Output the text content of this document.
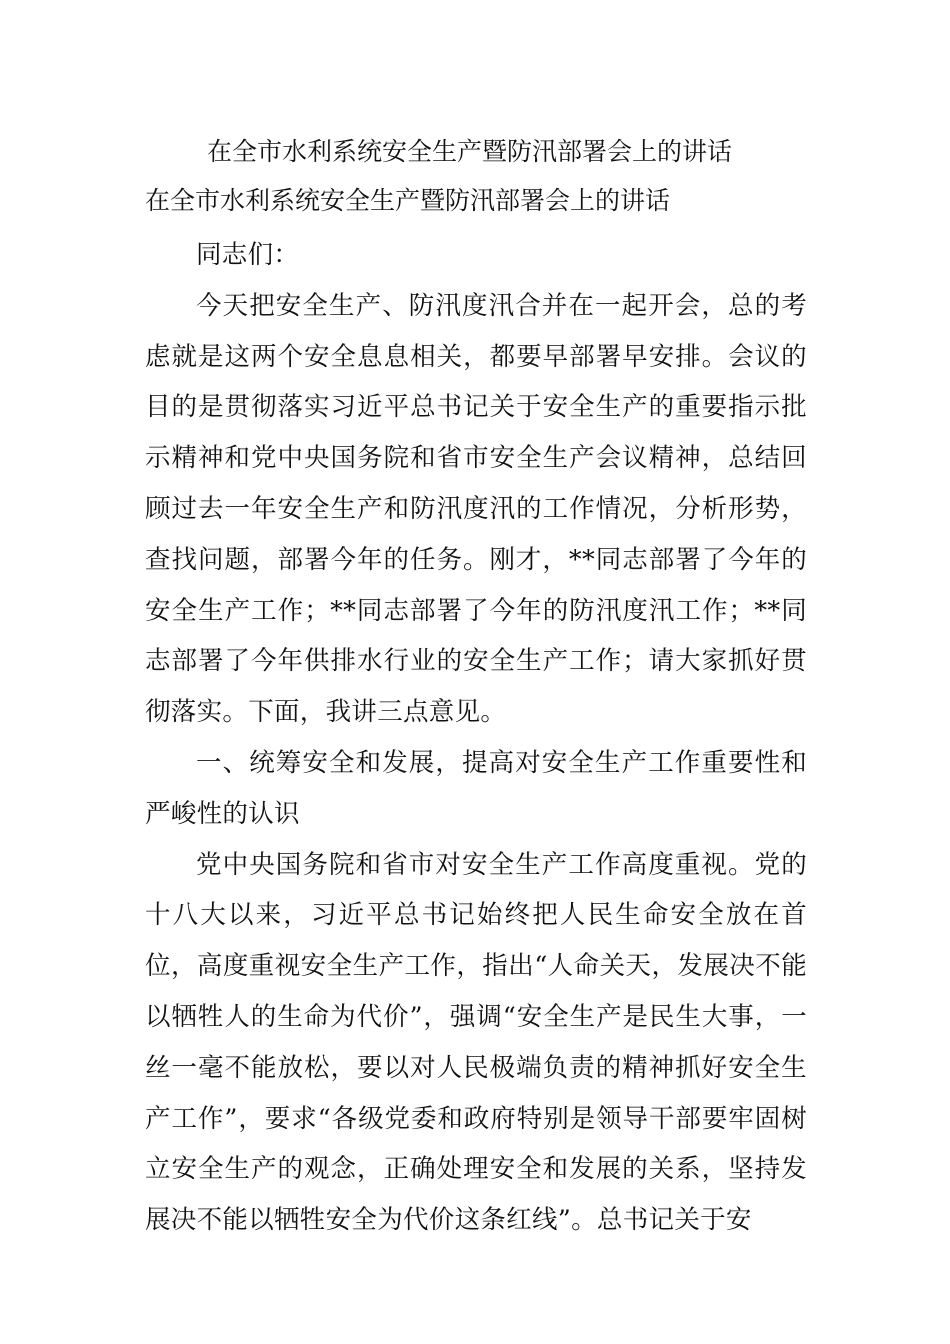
在全市水利系统安全生产暨防汛部署会上的讲话

在全市水利系统安全生产暨防汛部署会上的讲话

同志们：

今天把安全生产、防汛度汛合并在一起开会，总的考虑就是这两个安全息息相关，都要早部署早安排。会议的目的是贯彻落实习近平总书记关于安全生产的重要指示批示精神和党中央国务院和省市安全生产会议精神，总结回顾过去一年安全生产和防汛度汛的工作情况，分析形势，查找问题，部署今年的任务。刚才，**同志部署了今年的安全生产工作；**同志部署了今年的防汛度汛工作；**同志部署了今年供排水行业的安全生产工作；请大家抓好贯彻落实。下面，我讲三点意见。

一、统筹安全和发展，提高对安全生产工作重要性和严峻性的认识

党中央国务院和省市对安全生产工作高度重视。党的十八大以来，习近平总书记始终把人民生命安全放在首位，高度重视安全生产工作，指出“人命关天，发展决不能以牺牲人的生命为代价”，强调“安全生产是民生大事，一丝一毫不能放松，要以对人民极端负责的精神抓好安全生产工作”，要求“各级党委和政府特别是领导干部要牢固树立安全生产的观念，正确处理安全和发展的关系，坚持发展决不能以牺牲安全为代价这条红线”。总书记关于安
